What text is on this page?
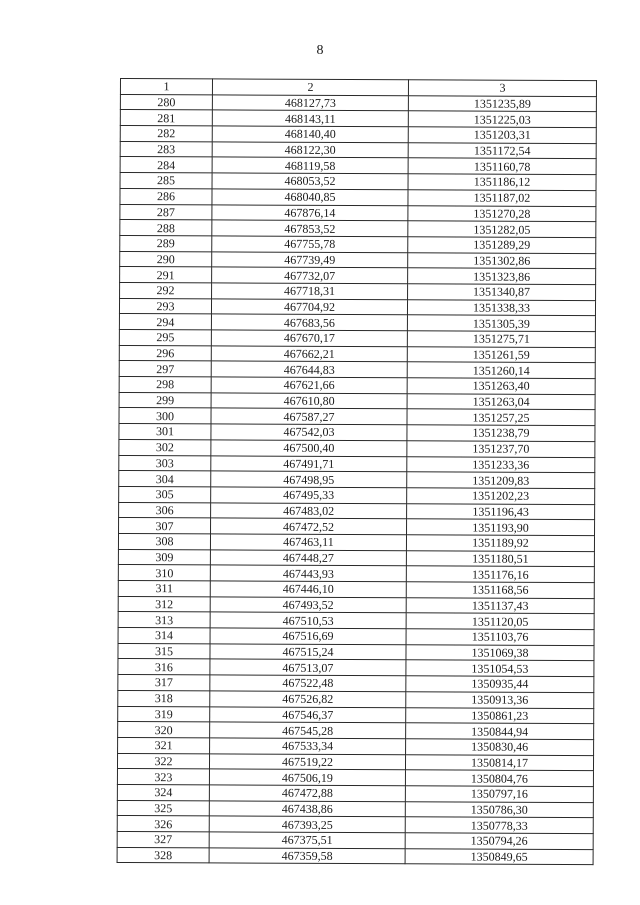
8
1	2	3
280	468127,73	1351235,89
281	468143,11	1351225,03
282	468140,40	1351203,31
283	468122,30	1351172,54
284	468119,58	1351160,78
285	468053,52	1351186,12
286	468040,85	1351187,02
287	467876,14	1351270,28
288	467853,52	1351282,05
289	467755,78	1351289,29
290	467739,49	1351302,86
291	467732,07	1351323,86
292	467718,31	1351340,87
293	467704,92	1351338,33
294	467683,56	1351305,39
295	467670,17	1351275,71
296	467662,21	1351261,59
297	467644,83	1351260,14
298	467621,66	1351263,40
299	467610,80	1351263,04
300	467587,27	1351257,25
301	467542,03	1351238,79
302	467500,40	1351237,70
303	467491,71	1351233,36
304	467498,95	1351209,83
305	467495,33	1351202,23
306	467483,02	1351196,43
307	467472,52	1351193,90
308	467463,11	1351189,92
309	467448,27	1351180,51
310	467443,93	1351176,16
311	467446,10	1351168,56
312	467493,52	1351137,43
313	467510,53	1351120,05
314	467516,69	1351103,76
315	467515,24	1351069,38
316	467513,07	1351054,53
317	467522,48	1350935,44
318	467526,82	1350913,36
319	467546,37	1350861,23
320	467545,28	1350844,94
321	467533,34	1350830,46
322	467519,22	1350814,17
323	467506,19	1350804,76
324	467472,88	1350797,16
325	467438,86	1350786,30
326	467393,25	1350778,33
327	467375,51	1350794,26
328	467359,58	1350849,65
